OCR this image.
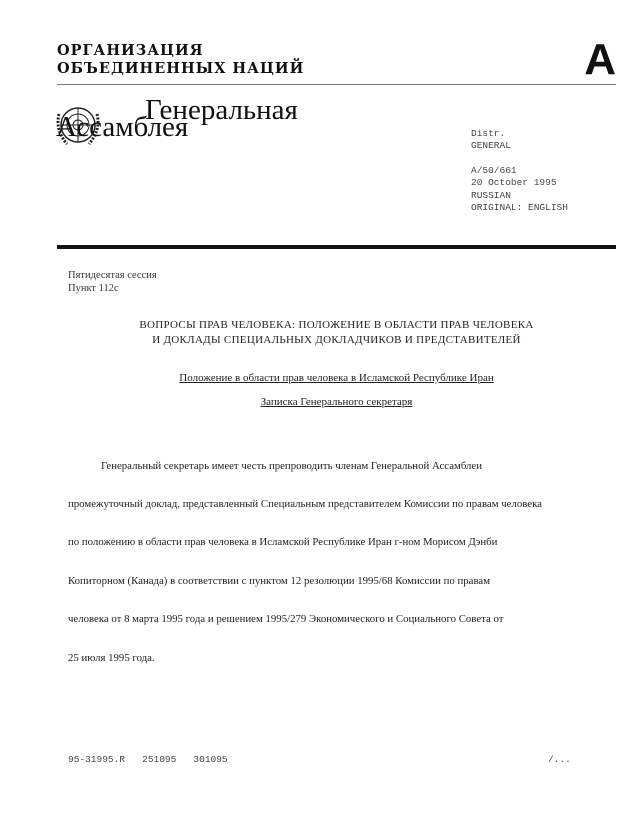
ОРГАНИЗАЦИЯ
ОБЪЕДИНЕННЫХ НАЦИЙ	A
Генеральная
Ассамблея	Distr.
GENERAL
A/50/661
20 October 1995
RUSSIAN
ORIGINAL: ENGLISH
Пятидесятая сессия
Пункт 112c
ВОПРОСЫ ПРАВ ЧЕЛОВЕКА: ПОЛОЖЕНИЕ В ОБЛАСТИ ПРАВ ЧЕЛОВЕКА
И ДОКЛАДЫ СПЕЦИАЛЬНЫХ ДОКЛАДЧИКОВ И ПРЕДСТАВИТЕЛЕЙ
Положение в области прав человека в Исламской Республике Иран
Записка Генерального секретаря

Генеральный секретарь имеет честь препроводить членам Генеральной Ассамблеи

промежуточный доклад, представленный Специальным представителем Комиссии по правам человека

по положению в области прав человека в Исламской Республике Иран г-ном Морисом Дэнби

Копиторном (Канада) в соответствии с пунктом 12 резолюции 1995/68 Комиссии по правам

человека от 8 марта 1995 года и решением 1995/279 Экономического и Социального Совета от

25 июля 1995 года.

95-31995.R   251095   301095	/...
